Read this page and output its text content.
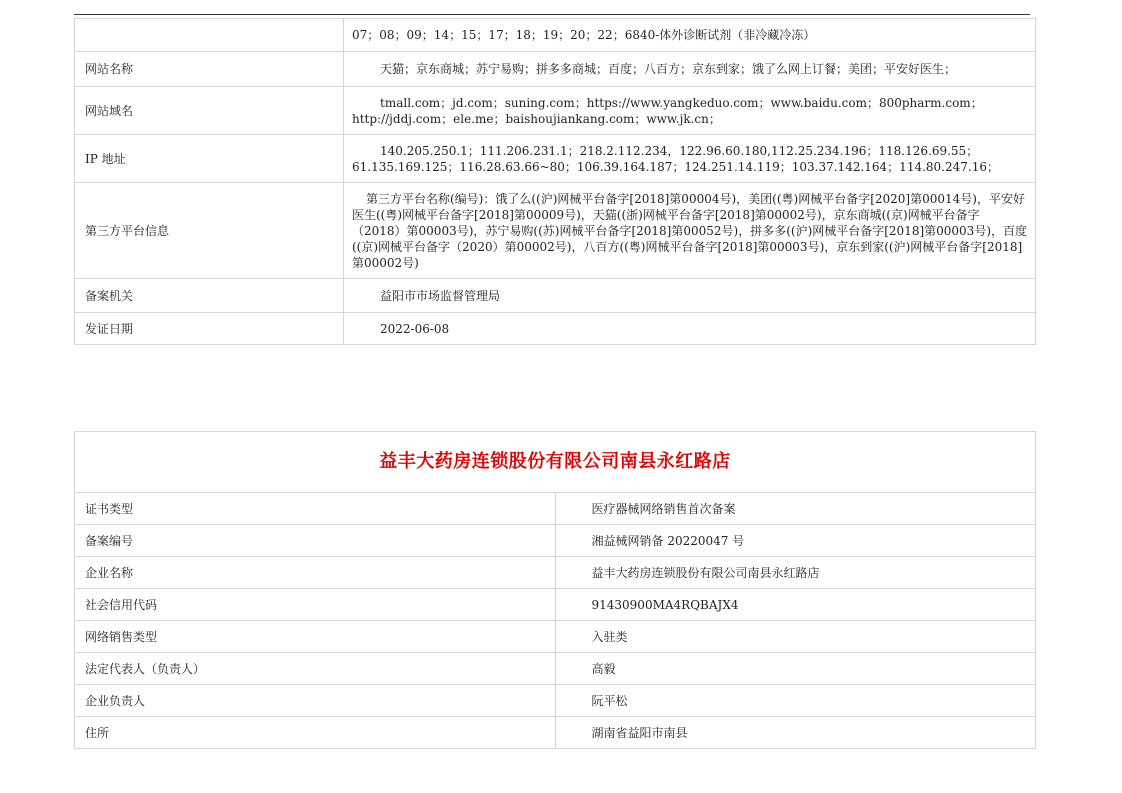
	07；08；09；14；15；17；18；19；20；22；6840-体外诊断试剂（非冷藏冷冻）
网站名称	天猫；京东商城；苏宁易购；拼多多商城；百度；八百方；京东到家；饿了么网上订餐；美团；平安好医生；
网站域名	tmall.com；jd.com；suning.com；https://www.yangkeduo.com；www.baidu.com；800pharm.com；http://jddj.com；ele.me；baishoujiankang.com；www.jk.cn；
IP 地址	140.205.250.1；111.206.231.1；218.2.112.234，122.96.60.180,112.25.234.196；118.126.69.55；61.135.169.125；116.28.63.66~80；106.39.164.187；124.251.14.119；103.37.142.164；114.80.247.16；
第三方平台信息	第三方平台名称(编号)：饿了么((沪)网械平台备字[2018]第00004号)，美团((粤)网械平台备字[2020]第00014号)，平安好医生((粤)网械平台备字[2018]第00009号)，天猫((浙)网械平台备字[2018]第00002号)，京东商城((京)网械平台备字（2018）第00003号)，苏宁易购((苏)网械平台备字[2018]第00052号)，拼多多((沪)网械平台备字[2018]第00003号)，百度((京)网械平台备字（2020）第00002号)，八百方((粤)网械平台备字[2018]第00003号)，京东到家((沪)网械平台备字[2018]第00002号)
备案机关	益阳市市场监督管理局
发证日期	2022-06-08
益丰大药房连锁股份有限公司南县永红路店	
证书类型	医疗器械网络销售首次备案
备案编号	湘益械网销备 20220047 号
企业名称	益丰大药房连锁股份有限公司南县永红路店
社会信用代码	91430900MA4RQBAJX4
网络销售类型	入驻类
法定代表人（负责人）	高毅
企业负责人	阮平松
住所	湖南省益阳市南县
